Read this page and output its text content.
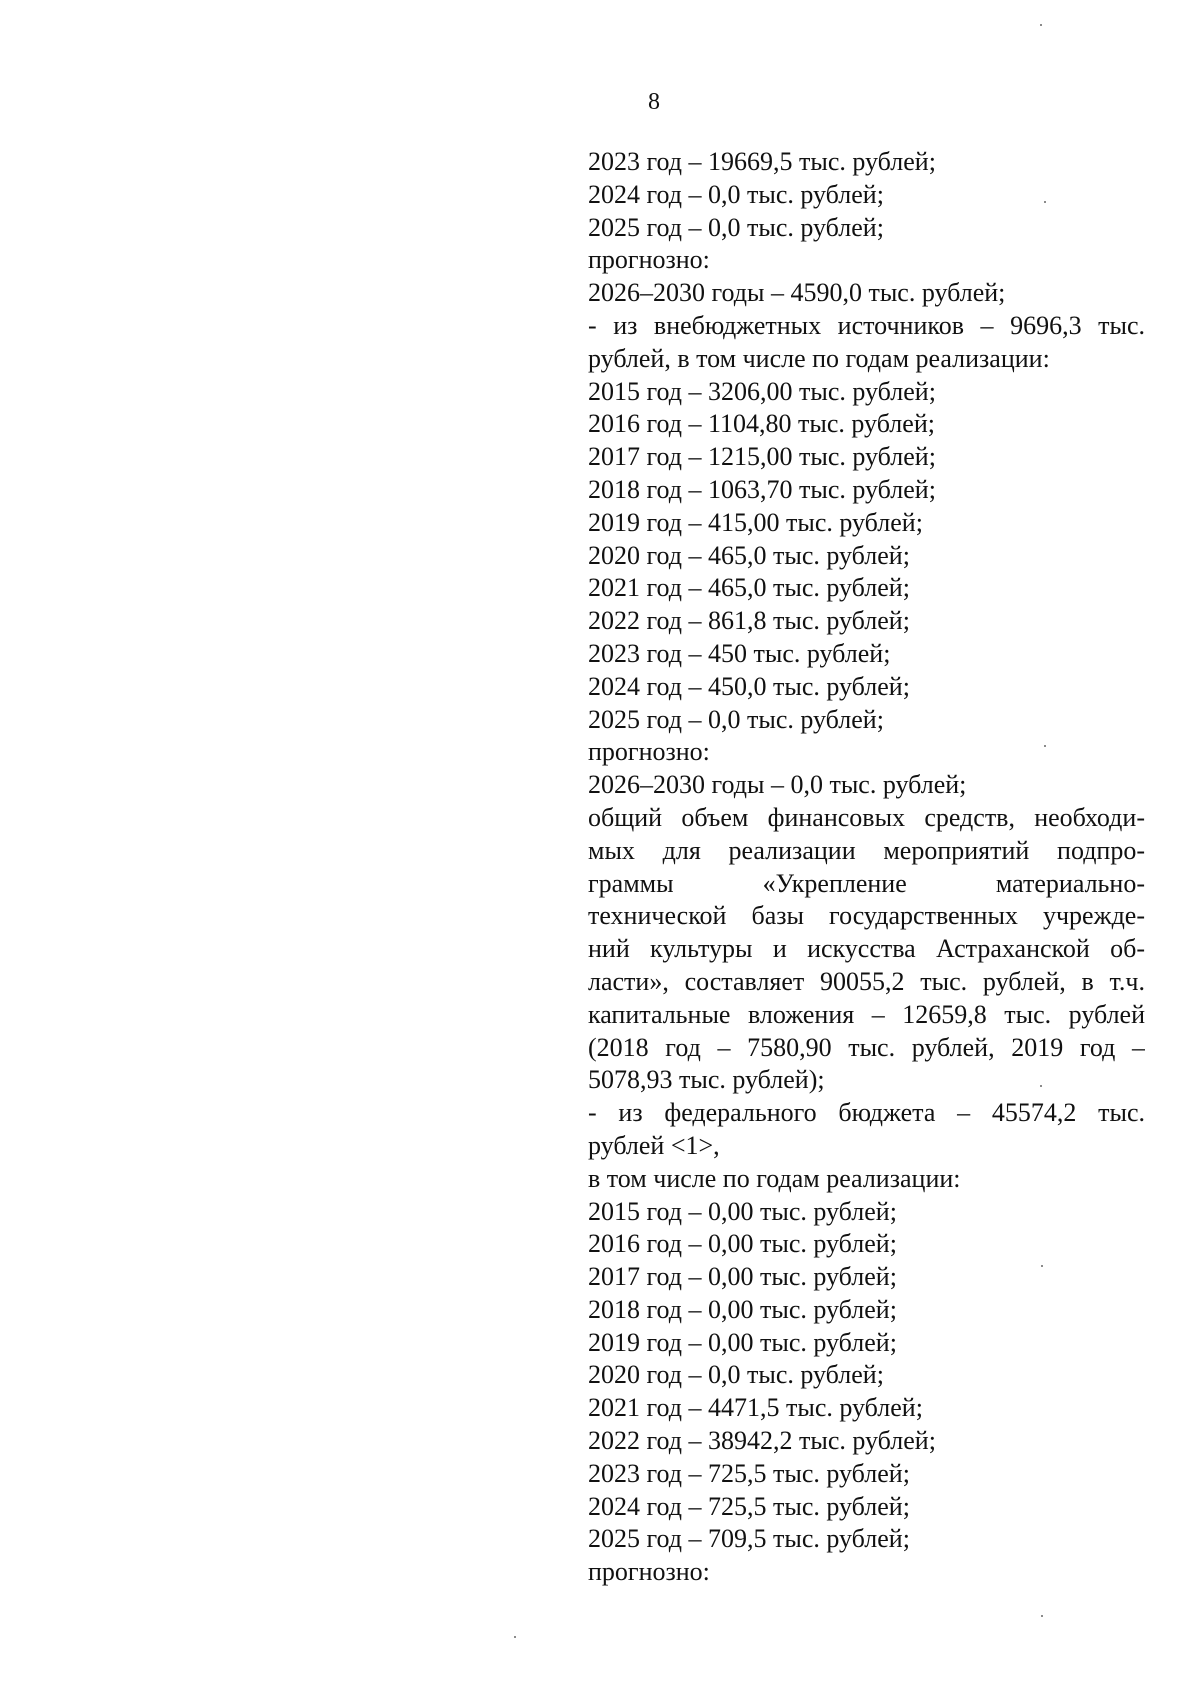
8
2023 год – 19669,5 тыс. рублей;
2024 год – 0,0 тыс. рублей;
2025 год – 0,0 тыс. рублей;
прогнозно:
2026–2030 годы – 4590,0 тыс. рублей;
- из внебюджетных источников – 9696,3 тыс.
рублей, в том числе по годам реализации:
2015 год – 3206,00 тыс. рублей;
2016 год – 1104,80 тыс. рублей;
2017 год – 1215,00 тыс. рублей;
2018 год – 1063,70 тыс. рублей;
2019 год – 415,00 тыс. рублей;
2020 год – 465,0 тыс. рублей;
2021 год – 465,0 тыс. рублей;
2022 год – 861,8 тыс. рублей;
2023 год – 450 тыс. рублей;
2024 год – 450,0 тыс. рублей;
2025 год – 0,0 тыс. рублей;
прогнозно:
2026–2030 годы – 0,0 тыс. рублей;
общий объем финансовых средств, необходи-
мых для реализации мероприятий подпро-
граммы «Укрепление материально-
технической базы государственных учрежде-
ний культуры и искусства Астраханской об-
ласти», составляет 90055,2 тыс. рублей, в т.ч.
капитальные вложения – 12659,8 тыс. рублей
(2018 год – 7580,90 тыс. рублей, 2019 год –
5078,93 тыс. рублей);
- из федерального бюджета – 45574,2 тыс.
рублей <1>,
в том числе по годам реализации:
2015 год – 0,00 тыс. рублей;
2016 год – 0,00 тыс. рублей;
2017 год – 0,00 тыс. рублей;
2018 год – 0,00 тыс. рублей;
2019 год – 0,00 тыс. рублей;
2020 год – 0,0 тыс. рублей;
2021 год – 4471,5 тыс. рублей;
2022 год – 38942,2 тыс. рублей;
2023 год – 725,5 тыс. рублей;
2024 год – 725,5 тыс. рублей;
2025 год – 709,5 тыс. рублей;
прогнозно:
